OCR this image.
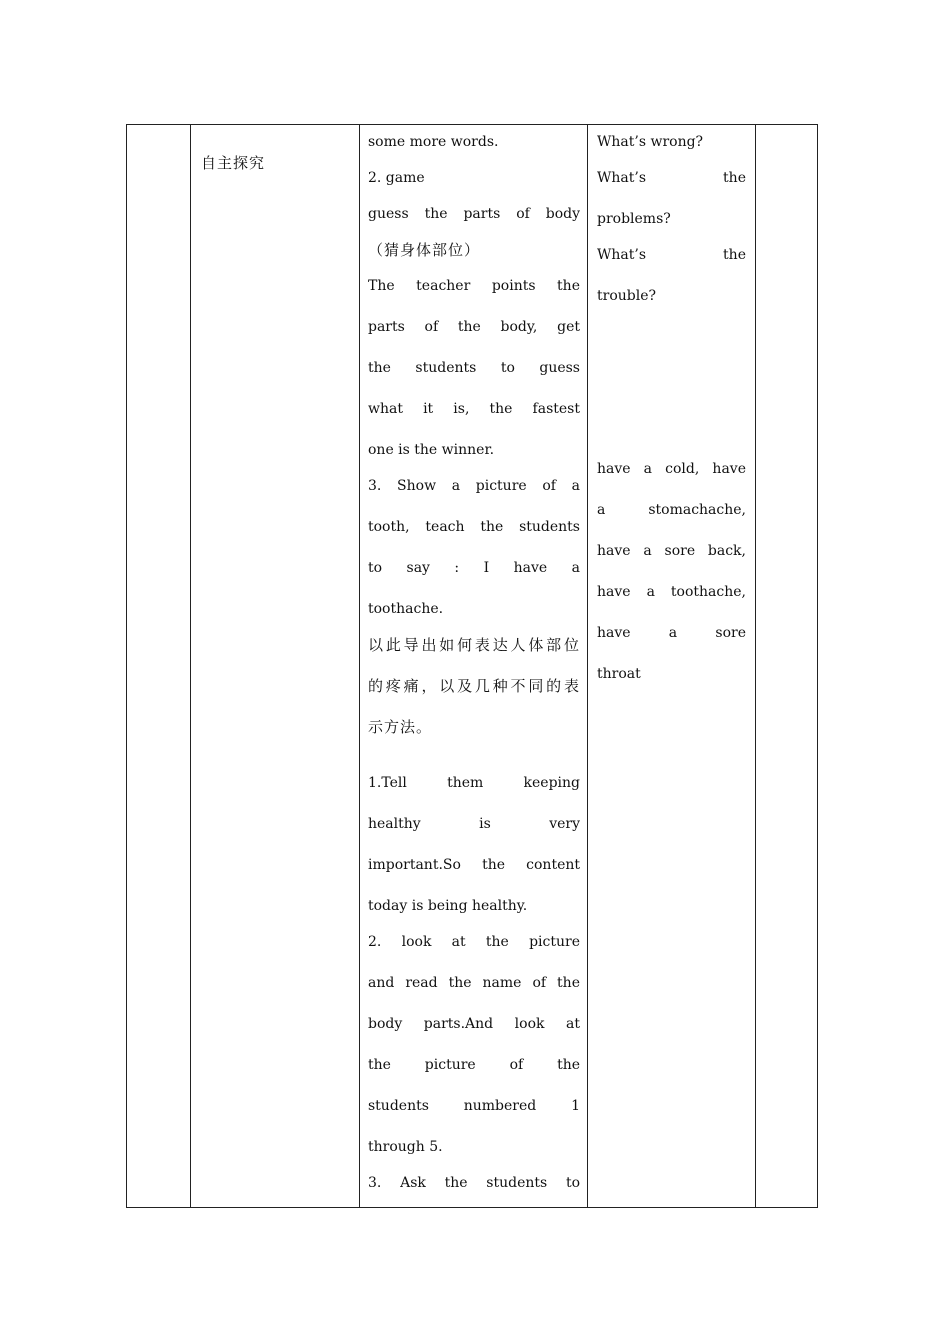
自主探究

some more words.
2. game
guess the parts of body
（猜身体部位）
The teacher points the
parts of the body, get
the students to guess
what it is, the fastest
one is the winner.
3. Show a picture of a
tooth, teach the students
to say : I have a
toothache.
以此导出如何表达人体部位
的疼痛，以及几种不同的表
示方法。
1.Tell them keeping
healthy is very
important.So the content
today is being healthy.
2. look at the picture
and read the name of the
body parts.And look at
the picture of the
students numbered 1
through 5.
3. Ask the students to

What’s wrong?
What’s the
problems?
What’s the
trouble?
have a cold, have
a stomachache,
have a sore back,
have a toothache,
have a sore
throat
